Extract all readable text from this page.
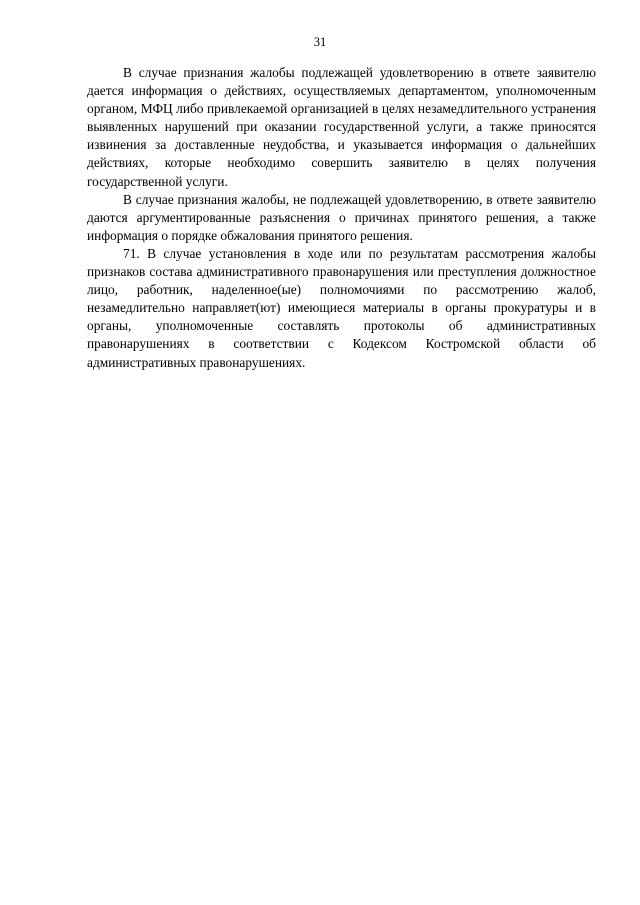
31

В случае признания жалобы подлежащей удовлетворению в ответе заявителю дается информация о действиях, осуществляемых департаментом, уполномоченным органом, МФЦ либо привлекаемой организацией в целях незамедлительного устранения выявленных нарушений при оказании государственной услуги, а также приносятся извинения за доставленные неудобства, и указывается информация о дальнейших действиях, которые необходимо совершить заявителю в целях получения государственной услуги.

В случае признания жалобы, не подлежащей удовлетворению, в ответе заявителю даются аргументированные разъяснения о причинах принятого решения, а также информация о порядке обжалования принятого решения.

71. В случае установления в ходе или по результатам рассмотрения жалобы признаков состава административного правонарушения или преступления должностное лицо, работник, наделенное(ые) полномочиями по рассмотрению жалоб, незамедлительно направляет(ют) имеющиеся материалы в органы прокуратуры и в органы, уполномоченные составлять протоколы об административных правонарушениях в соответствии с Кодексом Костромской области об административных правонарушениях.
